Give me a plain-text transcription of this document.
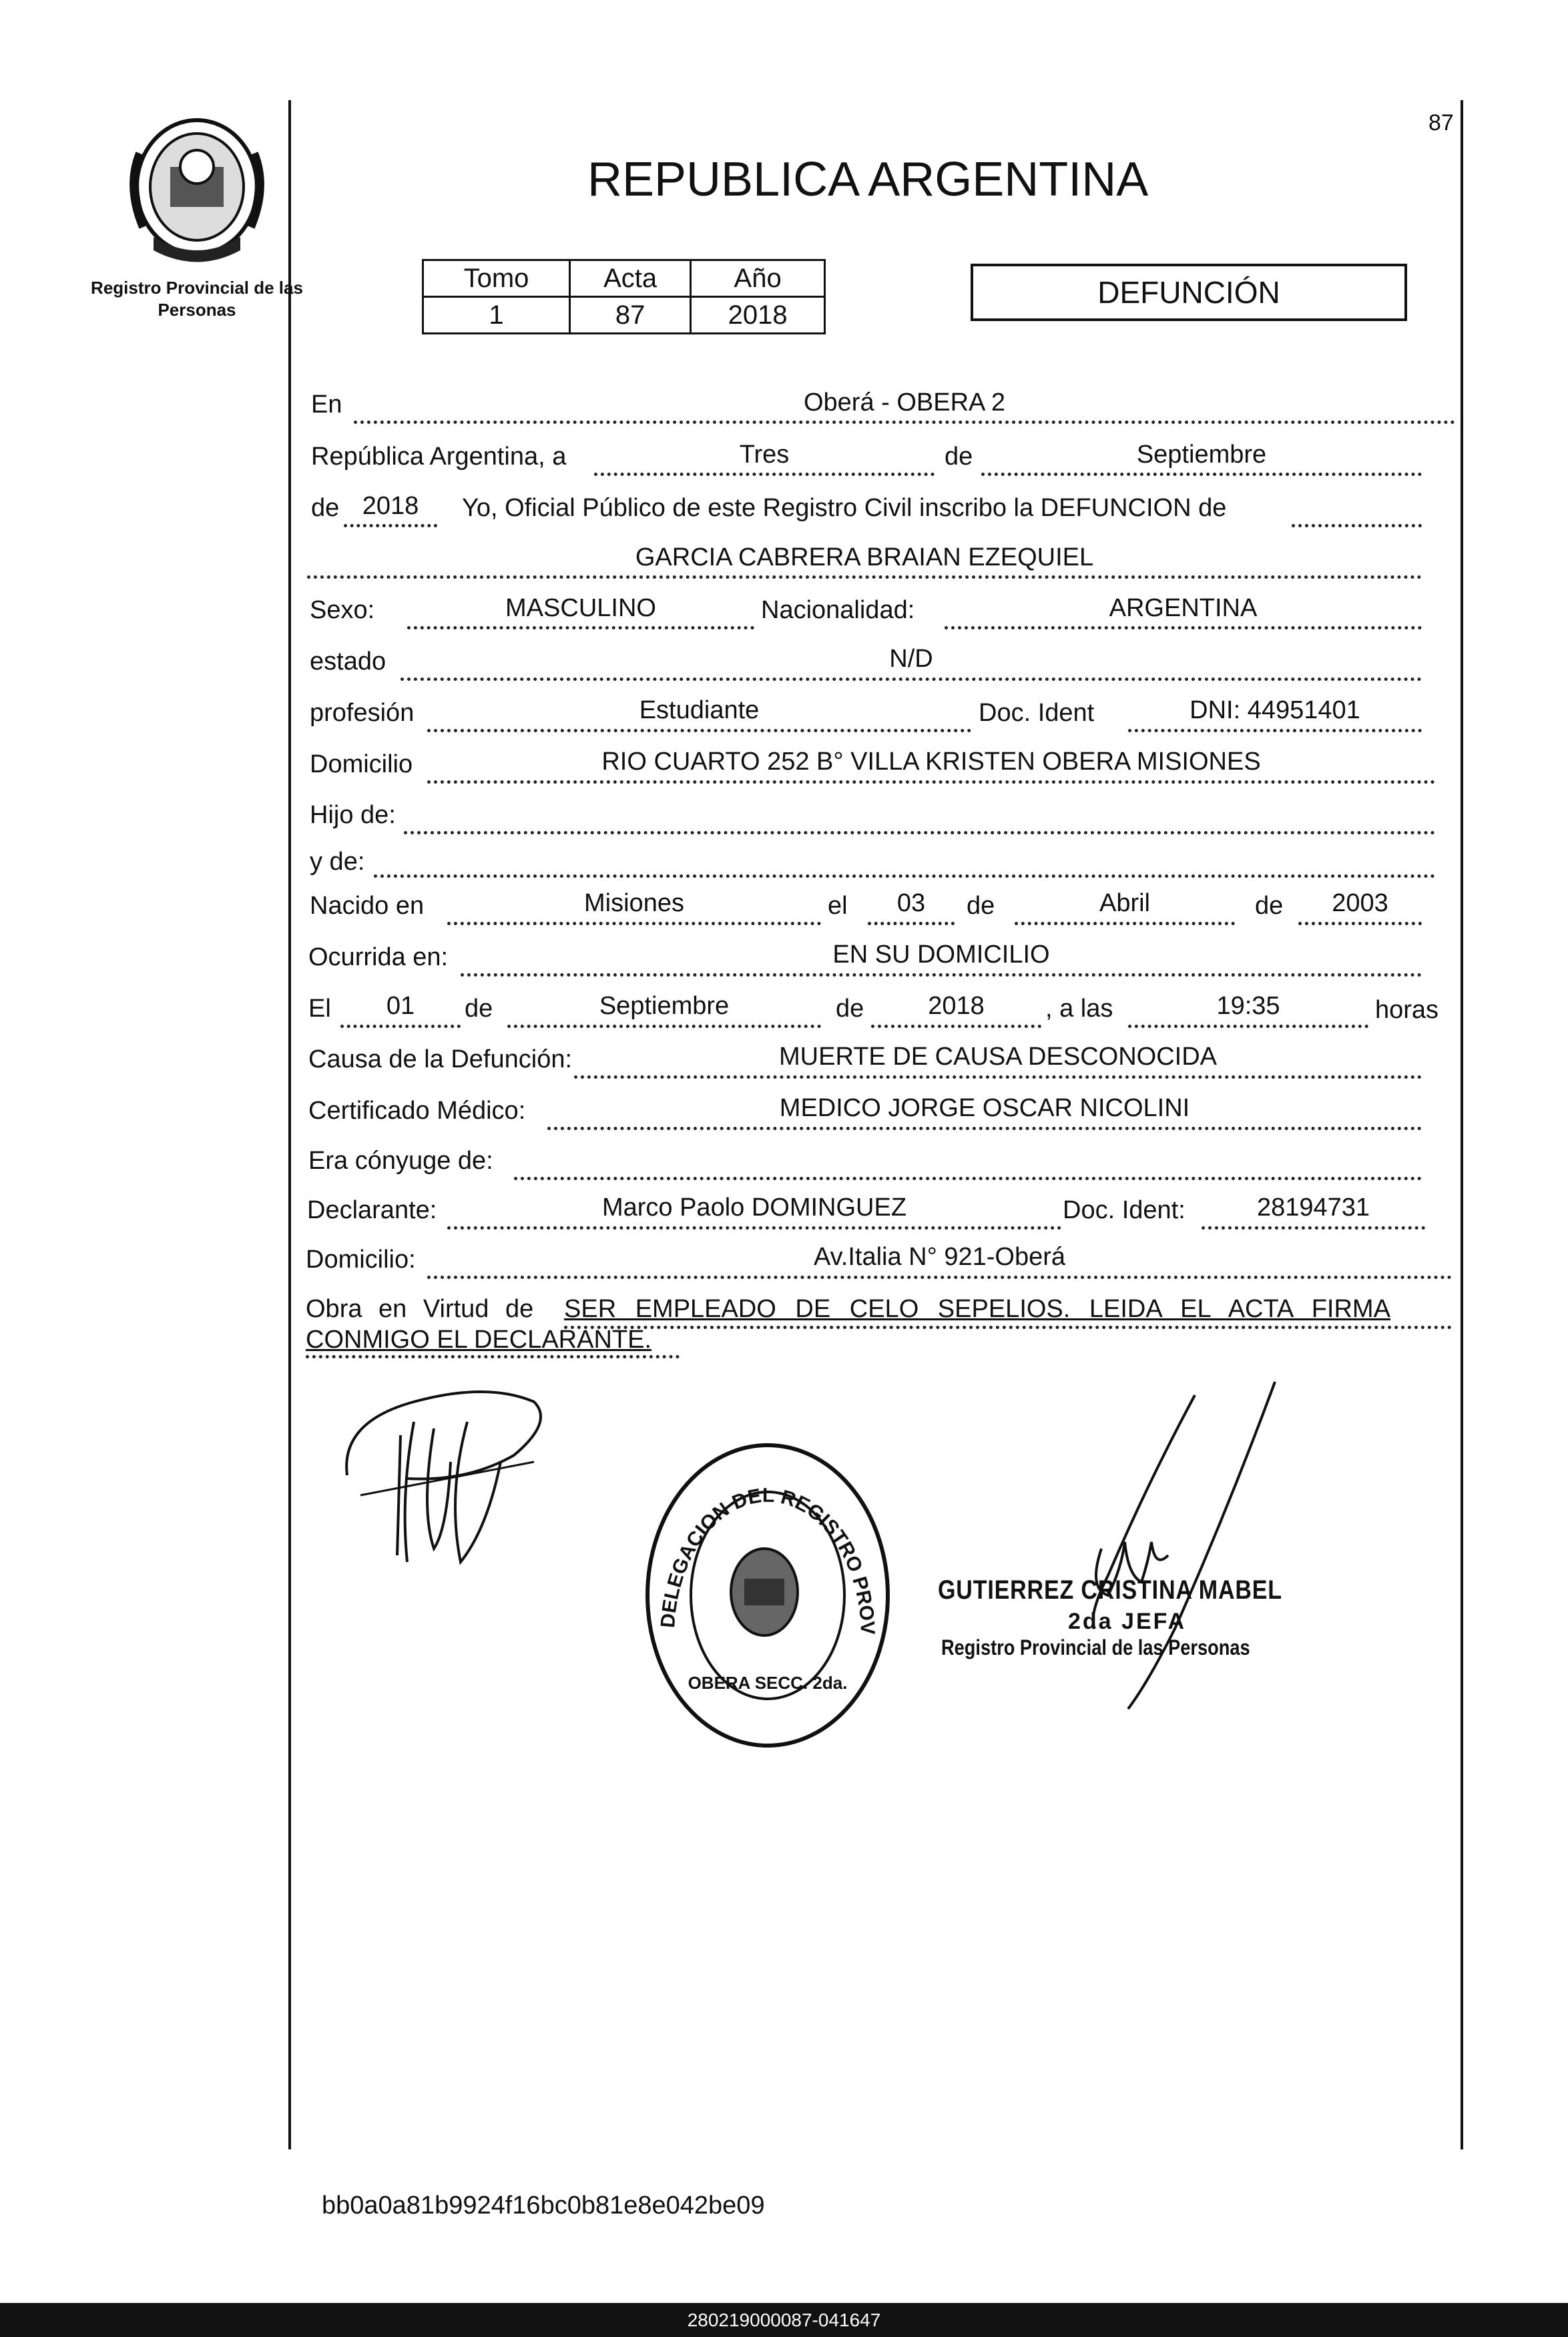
87
Registro Provincial de las Personas
REPUBLICA ARGENTINA
Tomo	Acta	Año
1	87	2018
DEFUNCIÓN
En	Oberá - OBERA 2
República Argentina, a	Tres	de	Septiembre
de 2018	Yo, Oficial Público de este Registro Civil inscribo la DEFUNCION de
GARCIA CABRERA BRAIAN EZEQUIEL
Sexo:	MASCULINO	Nacionalidad:	ARGENTINA
estado	N/D
profesión	Estudiante	Doc. Ident	DNI: 44951401
Domicilio	RIO CUARTO 252 B° VILLA KRISTEN OBERA MISIONES
Hijo de:
y de:
Nacido en	Misiones	el	03	de	Abril	de	2003
Ocurrida en:	EN SU DOMICILIO
El	01	de	Septiembre	de	2018	, a las	19:35	horas
Causa de la Defunción:	MUERTE DE CAUSA DESCONOCIDA
Certificado Médico:	MEDICO JORGE OSCAR NICOLINI
Era cónyuge de:
Declarante:	Marco Paolo DOMINGUEZ	Doc. Ident:	28194731
Domicilio:	Av.Italia N° 921-Oberá
Obra en Virtud de SER EMPLEADO DE CELO SEPELIOS. LEIDA EL ACTA FIRMA
CONMIGO EL DECLARANTE.
DELEGACION DEL REGISTRO PROV
OBERA SECC. 2da.
GUTIERREZ CRISTINA MABEL
2da JEFA
Registro Provincial de las Personas
bb0a0a81b9924f16bc0b81e8e042be09
280219000087-041647
